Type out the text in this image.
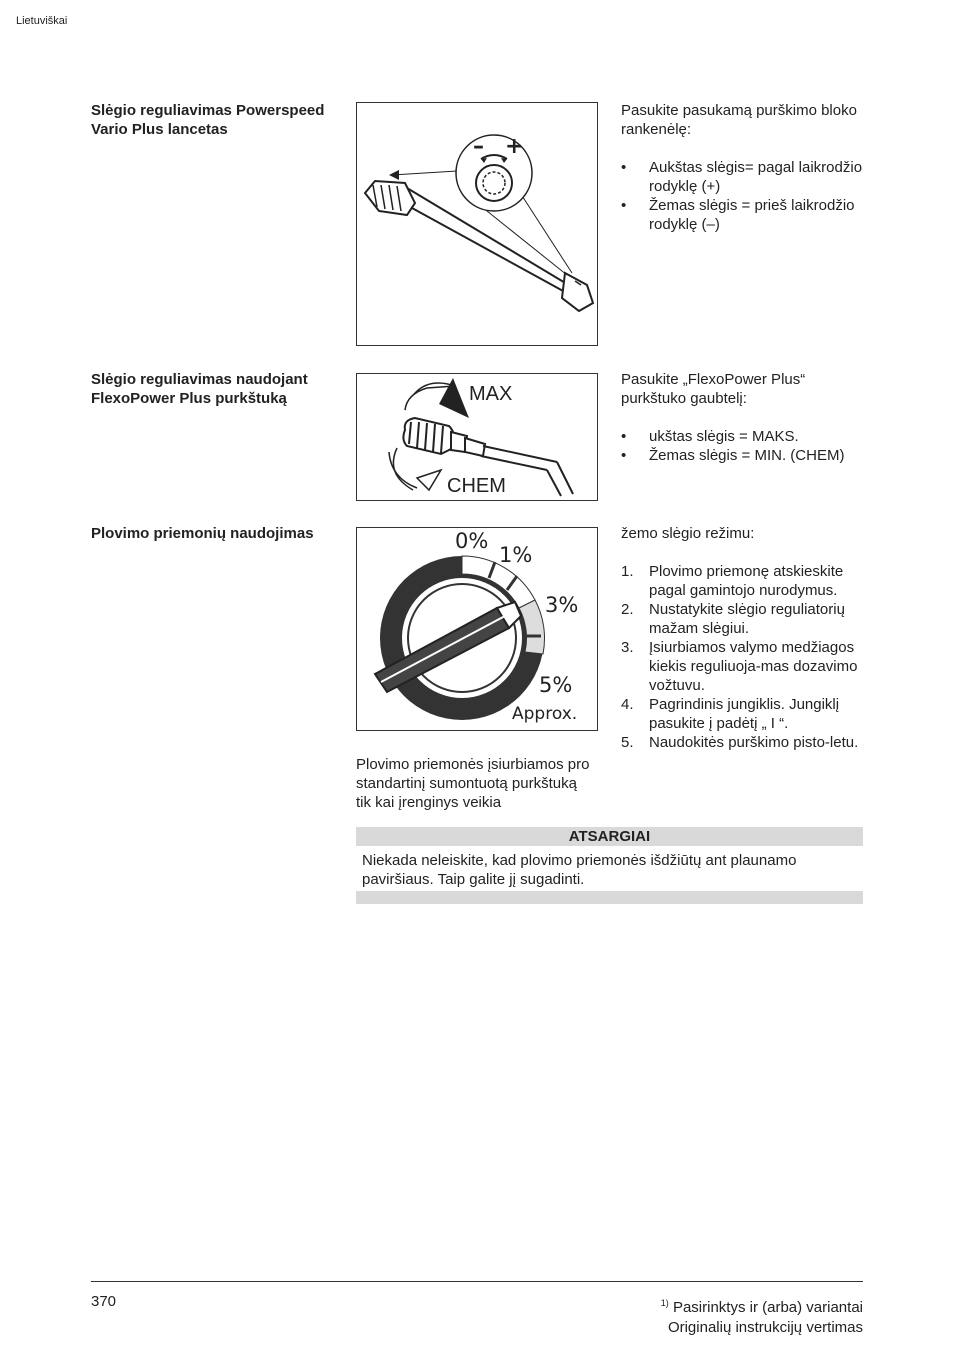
Lietuviškai
Slėgio reguliavimas Powerspeed Vario Plus lancetas
– +
Pasukite pasukamą purškimo bloko rankenėlę:
• Aukštas slėgis= pagal laikrodžio rodyklę (+)
• Žemas slėgis = prieš laikrodžio rodyklę (–)
Slėgio reguliavimas naudojant FlexoPower Plus purkštuką	MAX
CHEM
Pasukite „FlexoPower Plus“ purkštuko gaubtelį:
• ukštas slėgis = MAKS.
• Žemas slėgis = MIN. (CHEM)
Plovimo priemonių naudojimas	0%
1%
3%
5%
Approx.
Plovimo priemonės įsiurbiamos pro standartinį sumontuotą purkštuką tik kai įrenginys veikia
žemo slėgio režimu:
1. Plovimo priemonę atskieskite pagal gamintojo nurodymus.
2. Nustatykite slėgio reguliatorių mažam slėgiui.
3. Įsiurbiamos valymo medžiagos kiekis reguliuoja-mas dozavimo vožtuvu.
4. Pagrindinis jungiklis. Jungiklį pasukite į padėtį „ I “.
5. Naudokitės purškimo pisto-letu.
ATSARGIAI
Niekada neleiskite, kad plovimo priemonės išdžiūtų ant plaunamo paviršiaus. Taip galite jį sugadinti.
370	$^{1)}$ Pasirinktys ir (arba) variantai
Originalių instrukcijų vertimas
